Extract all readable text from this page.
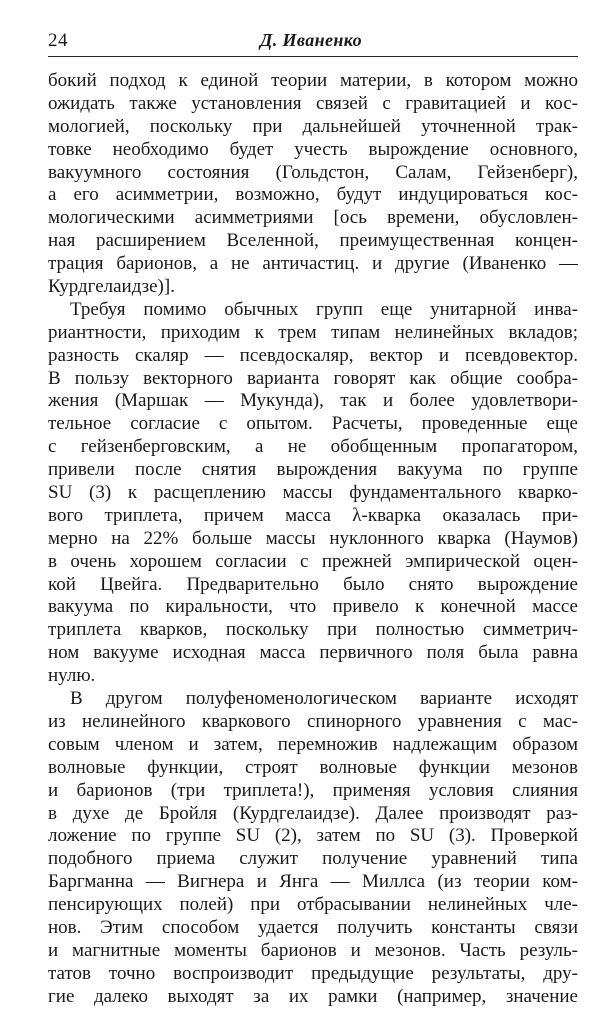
24	Д. Иваненко
бокий подход к единой теории материи, в котором можно
ожидать также установления связей с гравитацией и кос-
мологией, поскольку при дальнейшей уточненной трак-
товке необходимо будет учесть вырождение основного,
вакуумного состояния (Гольдстон, Салам, Гейзенберг),
а его асимметрии, возможно, будут индуцироваться кос-
мологическими асимметриями [ось времени, обусловлен-
ная расширением Вселенной, преимущественная концен-
трация барионов, а не античастиц. и другие (Иваненко —
Курдгелаидзе)].
Требуя помимо обычных групп еще унитарной инва-
риантности, приходим к трем типам нелинейных вкладов;
разность скаляр — псевдоскаляр, вектор и псевдовектор.
В пользу векторного варианта говорят как общие сообра-
жения (Маршак — Мукунда), так и более удовлетвори-
тельное согласие с опытом. Расчеты, проведенные еще
с гейзенберговским, а не обобщенным пропагатором,
привели после снятия вырождения вакуума по группе
SU (3) к расщеплению массы фундаментального кварко-
вого триплета, причем масса λ-кварка оказалась при-
мерно на 22% больше массы нуклонного кварка (Наумов)
в очень хорошем согласии с прежней эмпирической оцен-
кой Цвейга. Предварительно было снято вырождение
вакуума по киральности, что привело к конечной массе
триплета кварков, поскольку при полностью симметрич-
ном вакууме исходная масса первичного поля была равна
нулю.
В другом полуфеноменологическом варианте исходят
из нелинейного кваркового спинорного уравнения с мас-
совым членом и затем, перемножив надлежащим образом
волновые функции, строят волновые функции мезонов
и барионов (три триплета!), применяя условия слияния
в духе де Бройля (Курдгелаидзе). Далее производят раз-
ложение по группе SU (2), затем по SU (3). Проверкой
подобного приема служит получение уравнений типа
Баргманна — Вигнера и Янга — Миллса (из теории ком-
пенсирующих полей) при отбрасывании нелинейных чле-
нов. Этим способом удается получить константы связи
и магнитные моменты барионов и мезонов. Часть резуль-
татов точно воспроизводит предыдущие результаты, дру-
гие далеко выходят за их рамки (например, значение
